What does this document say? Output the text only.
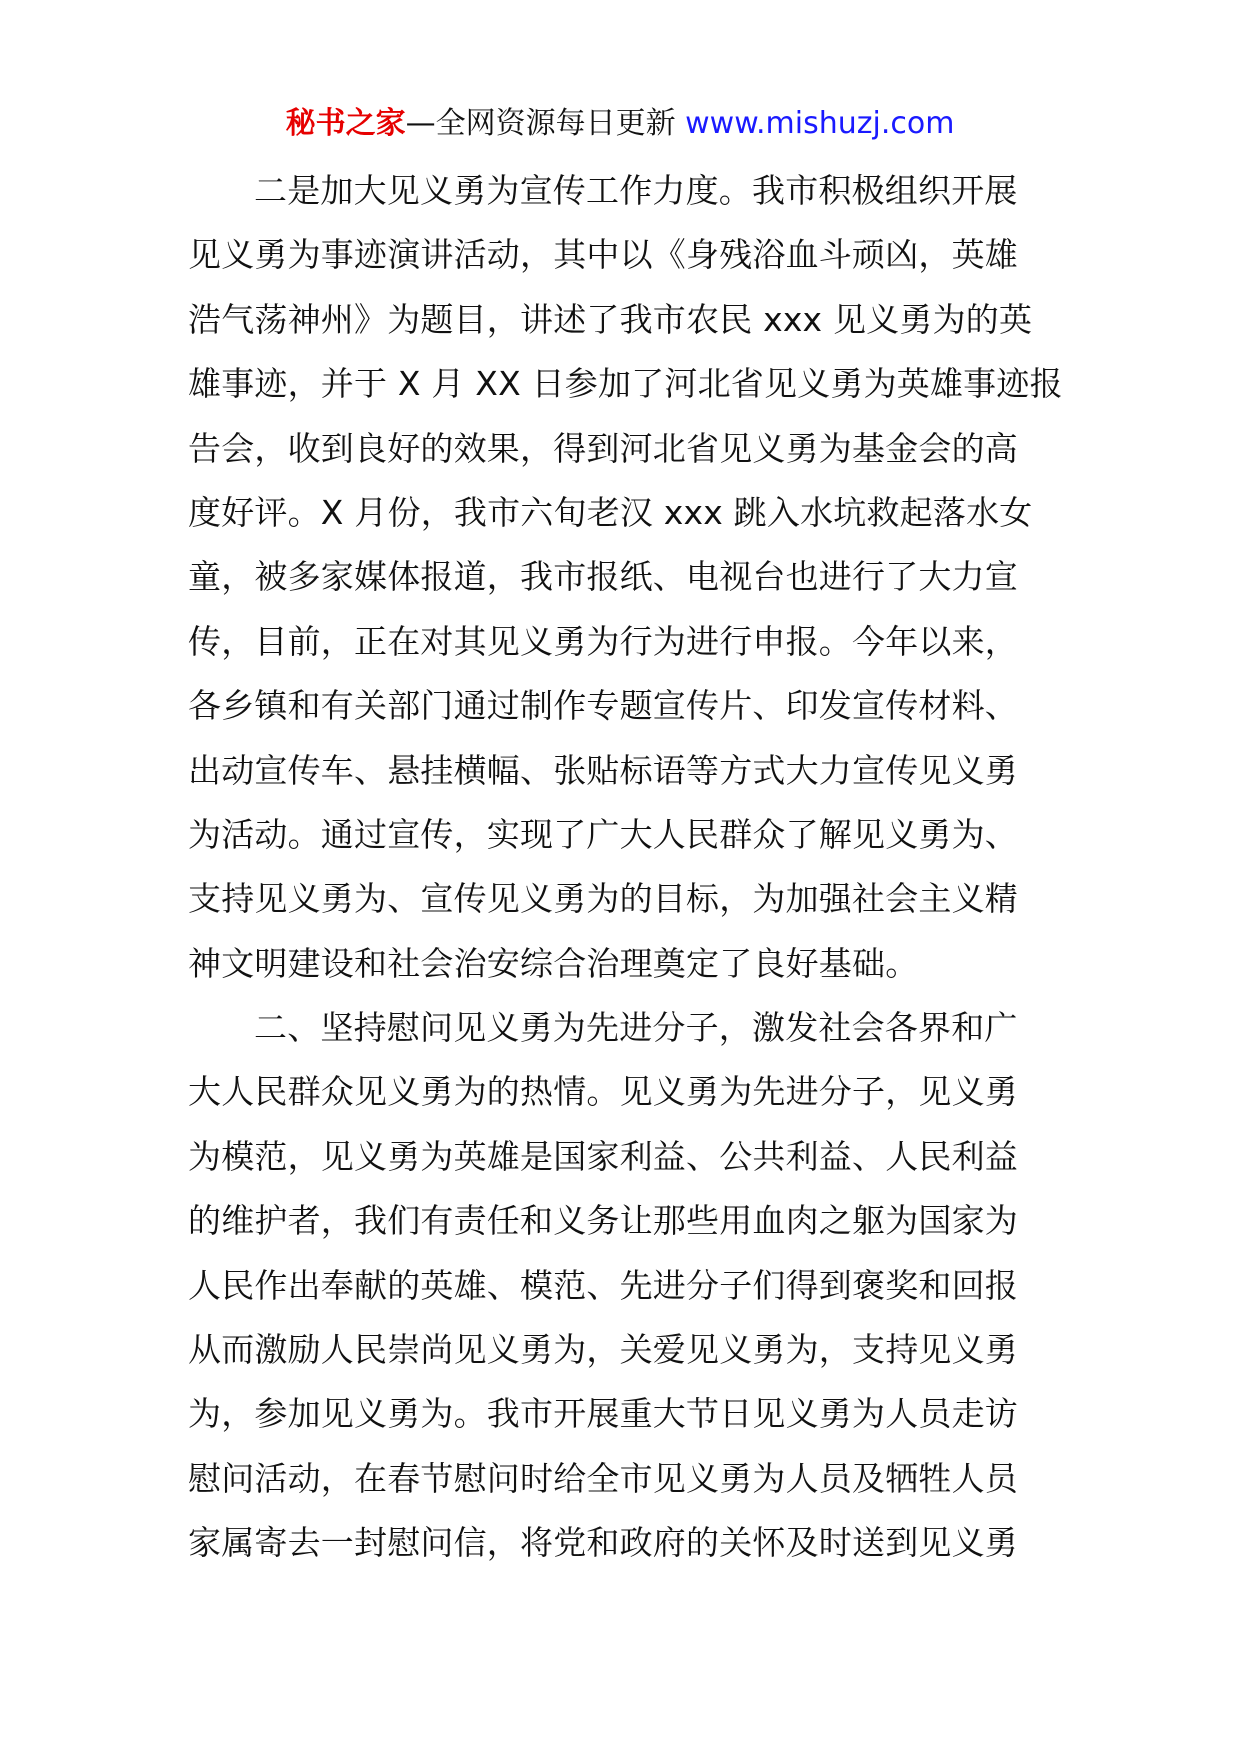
秘书之家—全网资源每日更新 www.mishuzj.com
二是加大见义勇为宣传工作力度。我市积极组织开展
见义勇为事迹演讲活动，其中以《身残浴血斗顽凶，英雄
浩气荡神州》为题目，讲述了我市农民 xxx 见义勇为的英
雄事迹，并于 X 月 XX 日参加了河北省见义勇为英雄事迹报
告会，收到良好的效果，得到河北省见义勇为基金会的高
度好评。X 月份，我市六旬老汉 xxx 跳入水坑救起落水女
童，被多家媒体报道，我市报纸、电视台也进行了大力宣
传，目前，正在对其见义勇为行为进行申报。今年以来，
各乡镇和有关部门通过制作专题宣传片、印发宣传材料、
出动宣传车、悬挂横幅、张贴标语等方式大力宣传见义勇
为活动。通过宣传，实现了广大人民群众了解见义勇为、
支持见义勇为、宣传见义勇为的目标，为加强社会主义精
神文明建设和社会治安综合治理奠定了良好基础。
二、坚持慰问见义勇为先进分子，激发社会各界和广
大人民群众见义勇为的热情。见义勇为先进分子，见义勇
为模范，见义勇为英雄是国家利益、公共利益、人民利益
的维护者，我们有责任和义务让那些用血肉之躯为国家为
人民作出奉献的英雄、模范、先进分子们得到褒奖和回报
从而激励人民崇尚见义勇为，关爱见义勇为，支持见义勇
为，参加见义勇为。我市开展重大节日见义勇为人员走访
慰问活动，在春节慰问时给全市见义勇为人员及牺牲人员
家属寄去一封慰问信，将党和政府的关怀及时送到见义勇
